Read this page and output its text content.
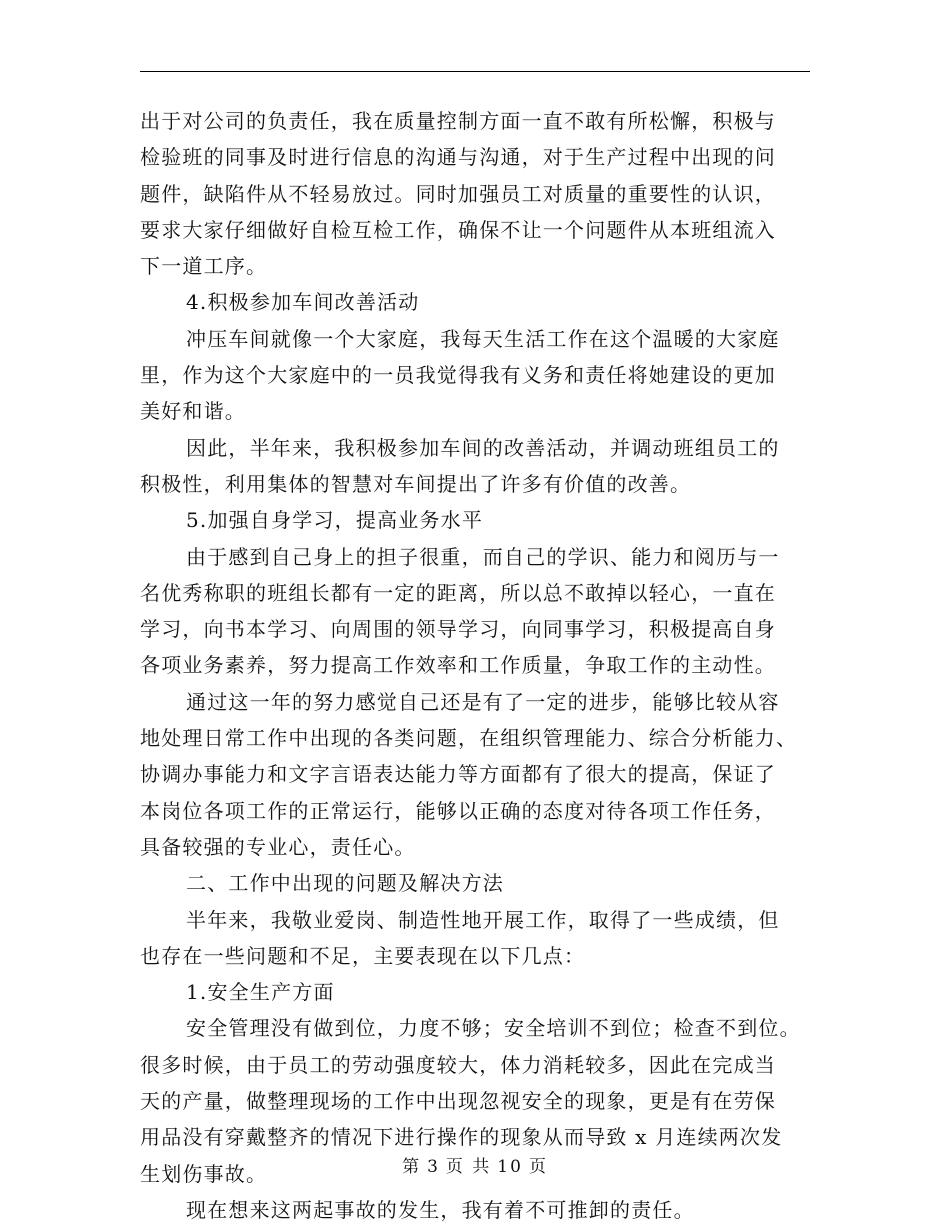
出于对公司的负责任，我在质量控制方面一直不敢有所松懈，积极与
检验班的同事及时进行信息的沟通与沟通，对于生产过程中出现的问
题件，缺陷件从不轻易放过。同时加强员工对质量的重要性的认识，
要求大家仔细做好自检互检工作，确保不让一个问题件从本班组流入
下一道工序。
4.积极参加车间改善活动
冲压车间就像一个大家庭，我每天生活工作在这个温暖的大家庭
里，作为这个大家庭中的一员我觉得我有义务和责任将她建设的更加
美好和谐。
因此，半年来，我积极参加车间的改善活动，并调动班组员工的
积极性，利用集体的智慧对车间提出了许多有价值的改善。
5.加强自身学习，提高业务水平
由于感到自己身上的担子很重，而自己的学识、能力和阅历与一
名优秀称职的班组长都有一定的距离，所以总不敢掉以轻心，一直在
学习，向书本学习、向周围的领导学习，向同事学习，积极提高自身
各项业务素养，努力提高工作效率和工作质量，争取工作的主动性。
通过这一年的努力感觉自己还是有了一定的进步，能够比较从容
地处理日常工作中出现的各类问题，在组织管理能力、综合分析能力、
协调办事能力和文字言语表达能力等方面都有了很大的提高，保证了
本岗位各项工作的正常运行，能够以正确的态度对待各项工作任务，
具备较强的专业心，责任心。
二、工作中出现的问题及解决方法
半年来，我敬业爱岗、制造性地开展工作，取得了一些成绩，但
也存在一些问题和不足，主要表现在以下几点：
1.安全生产方面
安全管理没有做到位，力度不够；安全培训不到位；检查不到位。
很多时候，由于员工的劳动强度较大，体力消耗较多，因此在完成当
天的产量，做整理现场的工作中出现忽视安全的现象，更是有在劳保
用品没有穿戴整齐的情况下进行操作的现象从而导致 x 月连续两次发
生划伤事故。
现在想来这两起事故的发生，我有着不可推卸的责任。
第 3 页 共 10 页
